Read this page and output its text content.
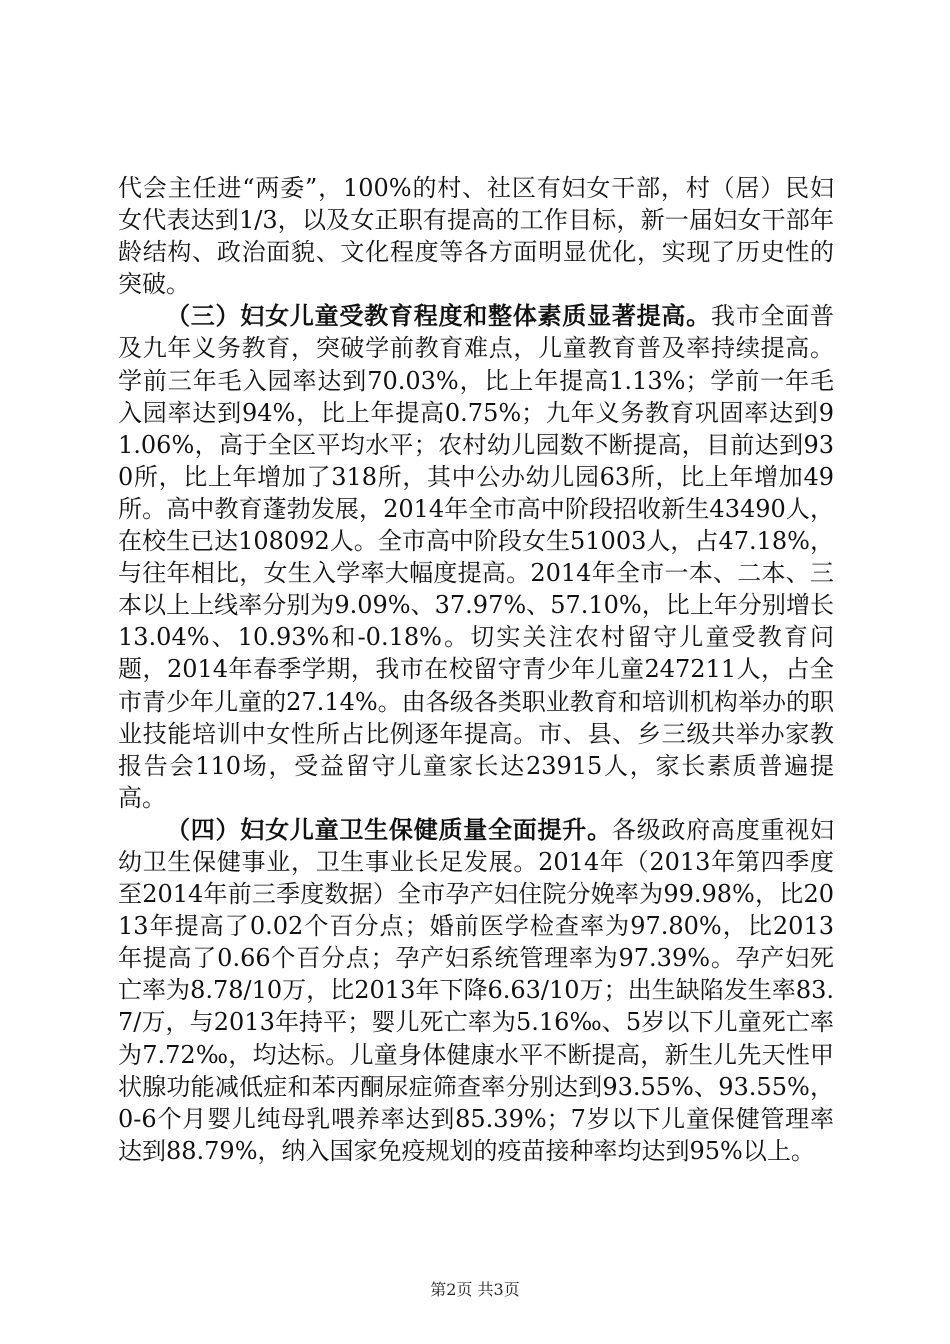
代会主任进“两委”，100%的村、社区有妇女干部，村（居）民妇女代表达到1/3，以及女正职有提高的工作目标，新一届妇女干部年龄结构、政治面貌、文化程度等各方面明显优化，实现了历史性的突破。

（三）妇女儿童受教育程度和整体素质显著提高。我市全面普及九年义务教育，突破学前教育难点，儿童教育普及率持续提高。学前三年毛入园率达到70.03%，比上年提高1.13%；学前一年毛入园率达到94%，比上年提高0.75%；九年义务教育巩固率达到91.06%，高于全区平均水平；农村幼儿园数不断提高，目前达到930所，比上年增加了318所，其中公办幼儿园63所，比上年增加49所。高中教育蓬勃发展，2014年全市高中阶段招收新生43490人，在校生已达108092人。全市高中阶段女生51003人，占47.18%，与往年相比，女生入学率大幅度提高。2014年全市一本、二本、三本以上上线率分别为9.09%、37.97%、57.10%，比上年分别增长13.04%、10.93%和-0.18%。切实关注农村留守儿童受教育问题，2014年春季学期，我市在校留守青少年儿童247211人，占全市青少年儿童的27.14%。由各级各类职业教育和培训机构举办的职业技能培训中女性所占比例逐年提高。市、县、乡三级共举办家教报告会110场，受益留守儿童家长达23915人，家长素质普遍提高。

（四）妇女儿童卫生保健质量全面提升。各级政府高度重视妇幼卫生保健事业，卫生事业长足发展。2014年（2013年第四季度至2014年前三季度数据）全市孕产妇住院分娩率为99.98%，比2013年提高了0.02个百分点；婚前医学检查率为97.80%，比2013年提高了0.66个百分点；孕产妇系统管理率为97.39%。孕产妇死亡率为8.78/10万，比2013年下降6.63/10万；出生缺陷发生率83.7/万，与2013年持平；婴儿死亡率为5.16‰、5岁以下儿童死亡率为7.72‰，均达标。儿童身体健康水平不断提高，新生儿先天性甲状腺功能减低症和苯丙酮尿症筛查率分别达到93.55%、93.55%，0-6个月婴儿纯母乳喂养率达到85.39%；7岁以下儿童保健管理率达到88.79%，纳入国家免疫规划的疫苗接种率均达到95%以上。

第2页 共3页
